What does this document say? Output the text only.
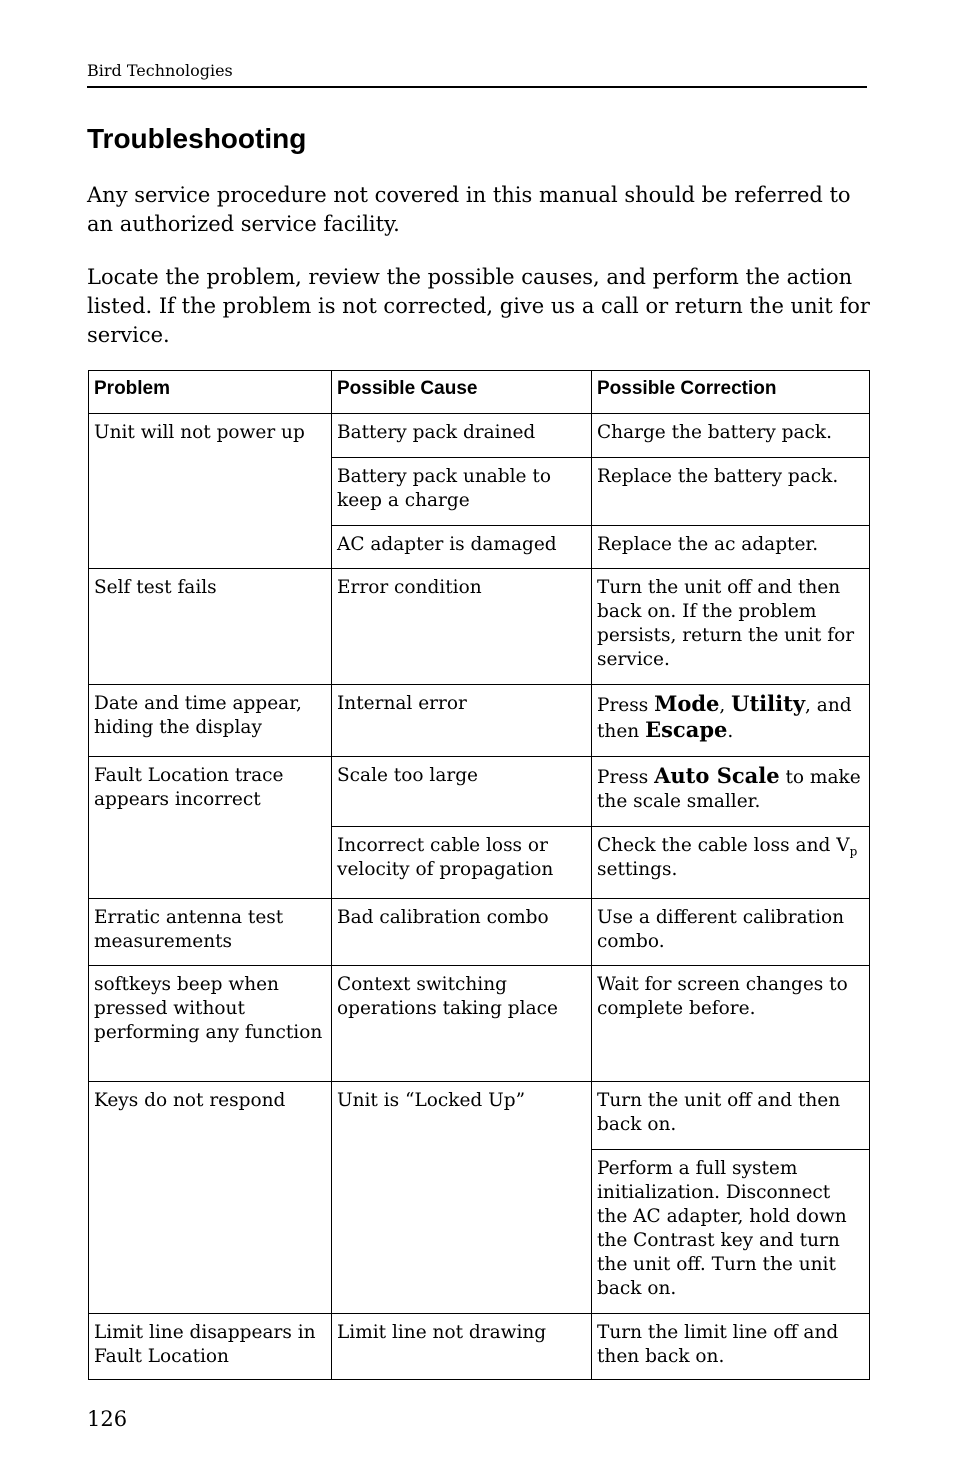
Bird Technologies
Troubleshooting

Any service procedure not covered in this manual should be referred to an authorized service facility.

Locate the problem, review the possible causes, and perform the action listed. If the problem is not corrected, give us a call or return the unit for service.

Problem	Possible Cause	Possible Correction
Unit will not power up	Battery pack drained	Charge the battery pack.
	Battery pack unable to keep a charge	Replace the battery pack.
	AC adapter is damaged	Replace the ac adapter.
Self test fails	Error condition	Turn the unit off and then back on. If the problem persists, return the unit for service.
Date and time appear, hiding the display	Internal error	Press Mode, Utility, and then Escape.
Fault Location trace appears incorrect	Scale too large	Press Auto Scale to make the scale smaller.
	Incorrect cable loss or velocity of propagation	Check the cable loss and $V_p$ settings.
Erratic antenna test measurements	Bad calibration combo	Use a different calibration combo.
softkeys beep when pressed without performing any function	Context switching operations taking place	Wait for screen changes to complete before.
Keys do not respond	Unit is “Locked Up”	Turn the unit off and then back on.
		Perform a full system initialization. Disconnect the AC adapter, hold down the Contrast key and turn the unit off. Turn the unit back on.
Limit line disappears in Fault Location	Limit line not drawing	Turn the limit line off and then back on.
126
